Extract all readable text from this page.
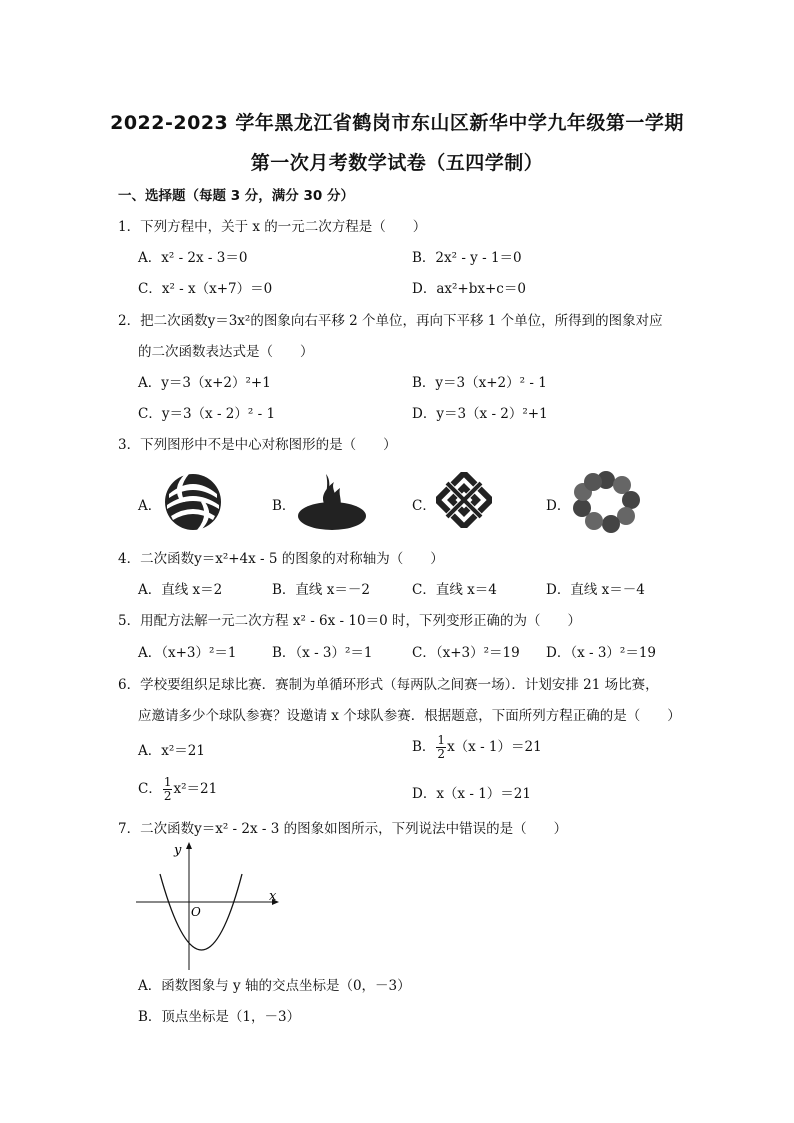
2022-2023 学年黑龙江省鹤岗市东山区新华中学九年级第一学期
第一次月考数学试卷（五四学制）
一、选择题（每题 3 分，满分 30 分）
1．下列方程中，关于 x 的一元二次方程是（　　）
A．x² - 2x - 3＝0	B．2x² - y - 1＝0
C．x² - x（x+7）＝0	D．ax²+bx+c＝0
2．把二次函数y＝3x²的图象向右平移 2 个单位，再向下平移 1 个单位，所得到的图象对应
的二次函数表达式是（　　）
A．y＝3（x+2）²+1	B．y＝3（x+2）² - 1
C．y＝3（x - 2）² - 1	D．y＝3（x - 2）²+1
3．下列图形中不是中心对称图形的是（　　）
A．	B．	C．	D．
4．二次函数y＝x²+4x - 5 的图象的对称轴为（　　）
A．直线 x＝2	B．直线 x＝－2	C．直线 x＝4	D．直线 x＝－4
5．用配方法解一元二次方程 x² - 6x - 10＝0 时，下列变形正确的为（　　）
A．（x+3）²＝1	B．（x - 3）²＝1	C．（x+3）²＝19 D．（x - 3）²＝19
6．学校要组织足球比赛．赛制为单循环形式（每两队之间赛一场）．计划安排 21 场比赛，
应邀请多少个球队参赛？设邀请 x 个球队参赛．根据题意，下面所列方程正确的是（　　）
A．x²＝21	B． $\frac{1}{2} x(x - 1)=21$
C． $\frac{1}{2} x^2=21$	D．x（x - 1）＝21
7．二次函数y＝x² - 2x - 3 的图象如图所示，下列说法中错误的是（　　）
y
x
O
A．函数图象与 y 轴的交点坐标是（0，－3）
B．顶点坐标是（1，－3）
